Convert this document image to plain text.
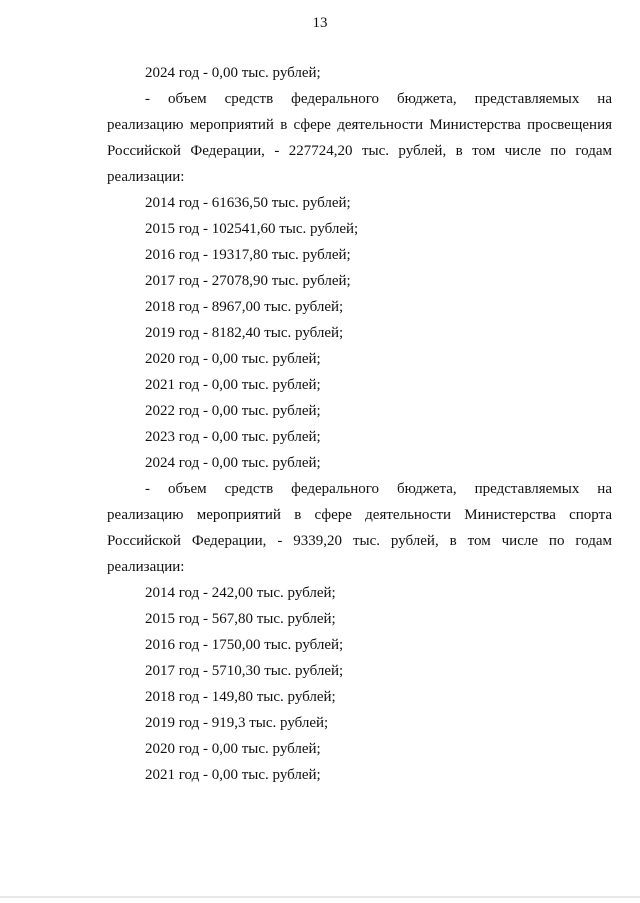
13
2024 год - 0,00 тыс. рублей;
- объем средств федерального бюджета, представляемых на
реализацию мероприятий в сфере деятельности Министерства просвещения
Российской Федерации, - 227724,20 тыс. рублей, в том числе по годам
реализации:
2014 год - 61636,50 тыс. рублей;
2015 год - 102541,60 тыс. рублей;
2016 год - 19317,80 тыс. рублей;
2017 год - 27078,90 тыс. рублей;
2018 год - 8967,00 тыс. рублей;
2019 год - 8182,40 тыс. рублей;
2020 год - 0,00 тыс. рублей;
2021 год - 0,00 тыс. рублей;
2022 год - 0,00 тыс. рублей;
2023 год - 0,00 тыс. рублей;
2024 год - 0,00 тыс. рублей;
- объем средств федерального бюджета, представляемых на
реализацию мероприятий в сфере деятельности Министерства спорта
Российской Федерации, - 9339,20 тыс. рублей, в том числе по годам
реализации:
2014 год - 242,00 тыс. рублей;
2015 год - 567,80 тыс. рублей;
2016 год - 1750,00 тыс. рублей;
2017 год - 5710,30 тыс. рублей;
2018 год - 149,80 тыс. рублей;
2019 год - 919,3 тыс. рублей;
2020 год - 0,00 тыс. рублей;
2021 год - 0,00 тыс. рублей;
